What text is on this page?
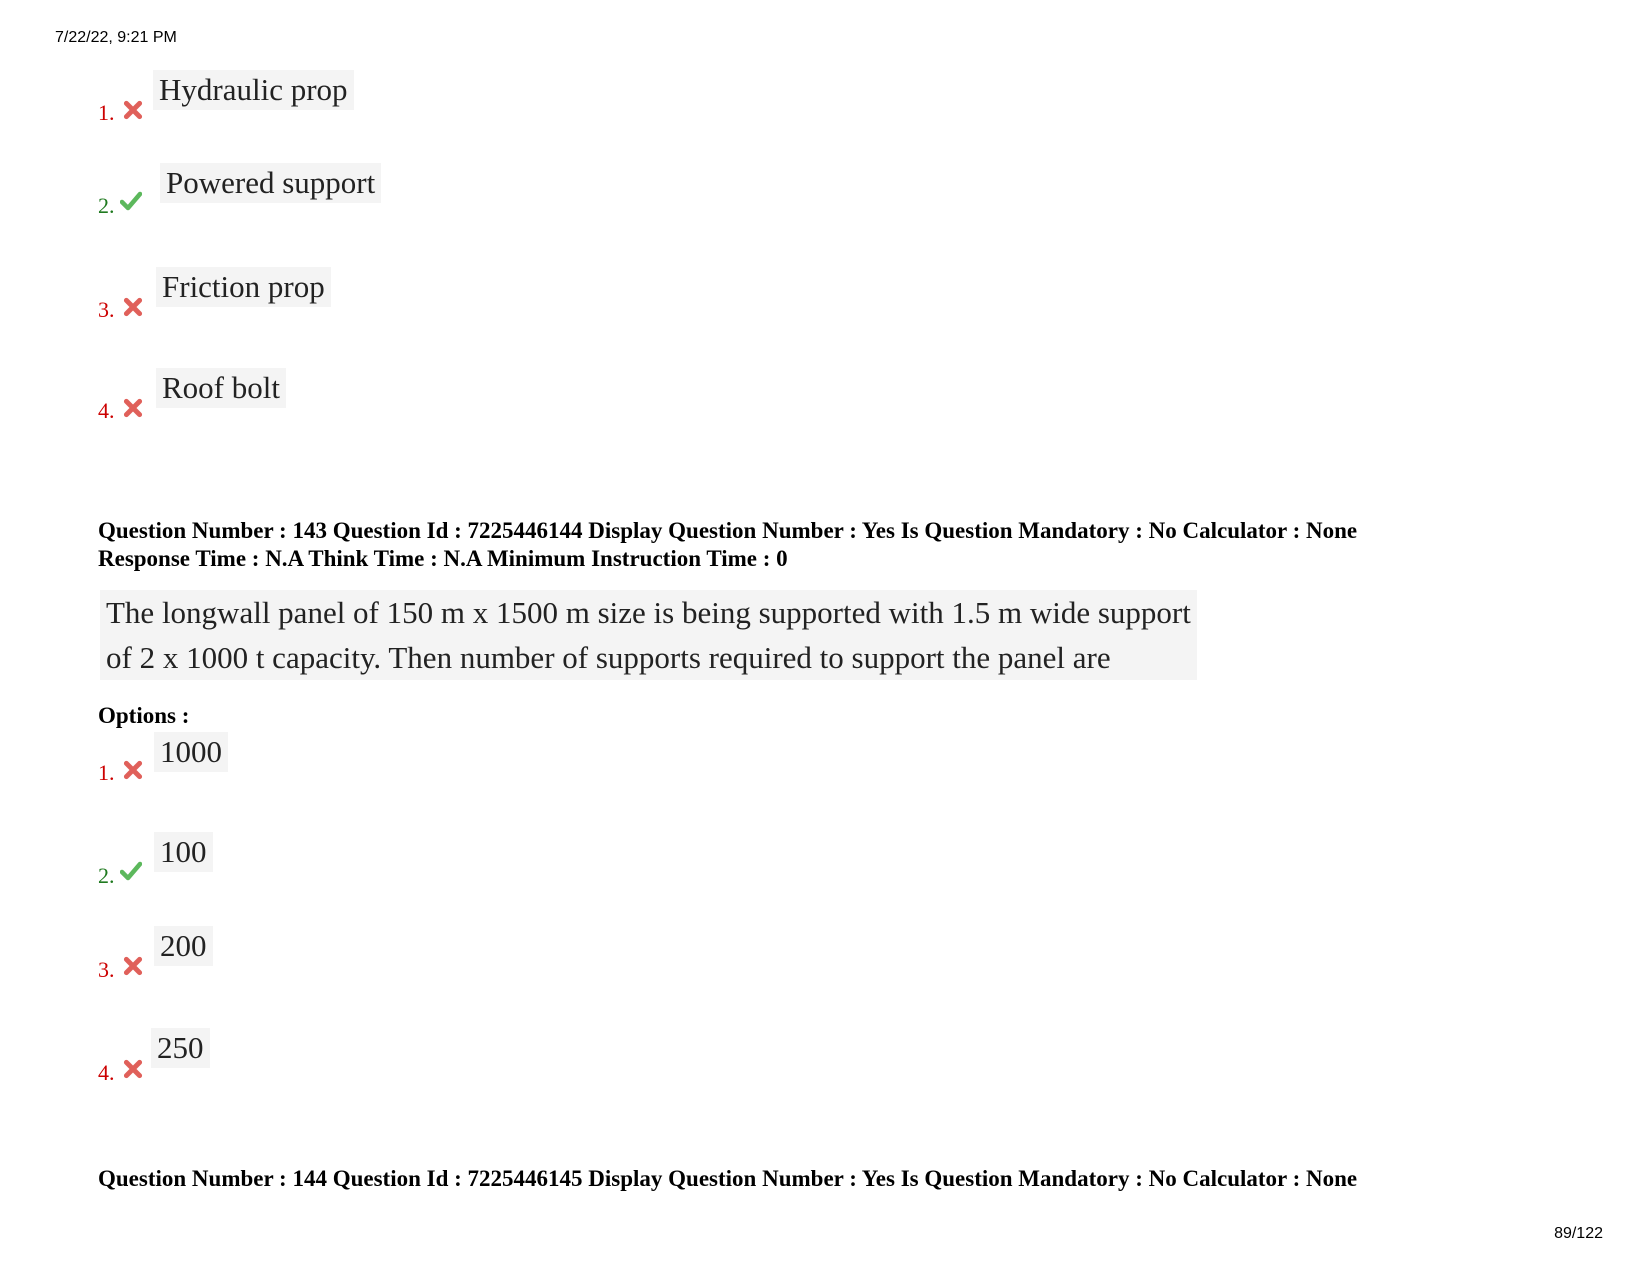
7/22/22, 9:21 PM
1.
Hydraulic prop
2.
Powered support
3.
Friction prop
4.
Roof bolt
Question Number : 143 Question Id : 7225446144 Display Question Number : Yes Is Question Mandatory : No Calculator : None
Response Time : N.A Think Time : N.A Minimum Instruction Time : 0
The longwall panel of 150 m x 1500 m size is being supported with 1.5 m wide support
of 2 x 1000 t capacity. Then number of supports required to support the panel are
Options :
1.
1000
2.
100
3.
200
4.
250
Question Number : 144 Question Id : 7225446145 Display Question Number : Yes Is Question Mandatory : No Calculator : None
89/122
